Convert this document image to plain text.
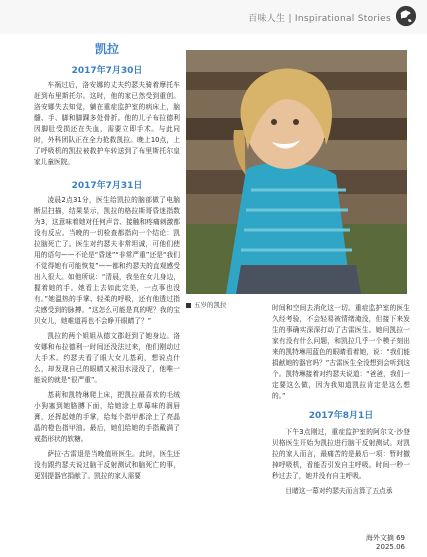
百味人生 | Inspirational Stories
凯拉
2017年7月30日

车祸过后，洛安娜的丈夫约瑟夫骑着摩托车赶到布里斯托尔。这时，他的家已然受到重创。洛安娜失去知觉，躺在重症监护室的病床上，脑髓、手、脚和脚踝多处骨折。他的儿子布拉德利因脚肚受损还在失血，需要立即手术。与此同时，外科团队正在全力抢救凯拉。晚上10点，上了呼吸机的凯拉被救护车转送到了布里斯托尔皇家儿童医院。

2017年7月31日

凌晨2点31分，医生给凯拉的脑部做了电脑断层扫描，结果显示，凯拉的格拉斯哥昏迷指数为3，这意味着她对任何声音、接触和疼痛刺激都没有反应。当晚的一切检查都指向一个结论：凯拉脑死亡了。医生对约瑟夫非常坦诚，可他们使用的语句——不论是“昏迷”“非常严重”还是“我们不觉得她有可能恢复”——都和约瑟夫的直观感受出入很大。如他所说：“清晨，我坐在女儿身边，握着她的手。她看上去如此完美，一点事也没有。”她温热的手掌、轻柔的呼吸，还有他透过指尖感受到的脉搏。“这怎么可能是真的呢？我的宝贝女儿，她难道再也不会睁开眼睛了？”

凯拉的两个姐姐从德文郡赶到了她身边。洛安娜和布拉德利一时间还没法过来，他们刚动过大手术。约瑟夫看了眼大女儿基莉，想说点什么，却发现自己的眼睛又被泪水浸没了，他唯一能说的就是“很严重”。

基莉和凯特琳爬上床，把凯拉最喜欢的毛绒小狗塞到她胳膊下面，给她涂上草莓味的润唇膏，还挥起她的手掌，给每个指甲都涂上了亮晶晶的橙色指甲油。最后，她们给她的手指戴满了戒指形状的软糖。

萨拉·古雷退是当晚值班医生。此时，医生还没有跟约瑟夫说过脑干反射测试和脑死亡的事，更别提器官捐献了。凯拉的家人需要

五岁的凯拉	时间和空间去消化这一切。重症监护室的医生久经考验，不会轻易被情绪淹没，但接下来发生的事确实深深打动了古雷医生。她问凯拉一家有没有什么问题，和凯拉几乎一个模子刻出来的凯特琳用蓝色的眼睛看着她，说：“我们能捐献她的器官吗？”古雷医生全没想到会听到这个。凯特琳接着对约瑟夫说道：“爸爸，我们一定要这么做，因为我知道凯拉肯定是这么想的。”

2017年8月1日

下午3点刚过，重症监护室的阿尔文·沙登贝格医生开始为凯拉进行脑干反射测试。对凯拉的家人而言，最痛苦的是最后一项：暂时撤掉呼吸机，看能否引发自主呼吸。时间一秒一秒过去了，她并没有自主呼吸。

目睹这一幕对约瑟夫而言算了五点承

海外文摘 69
2025.06
